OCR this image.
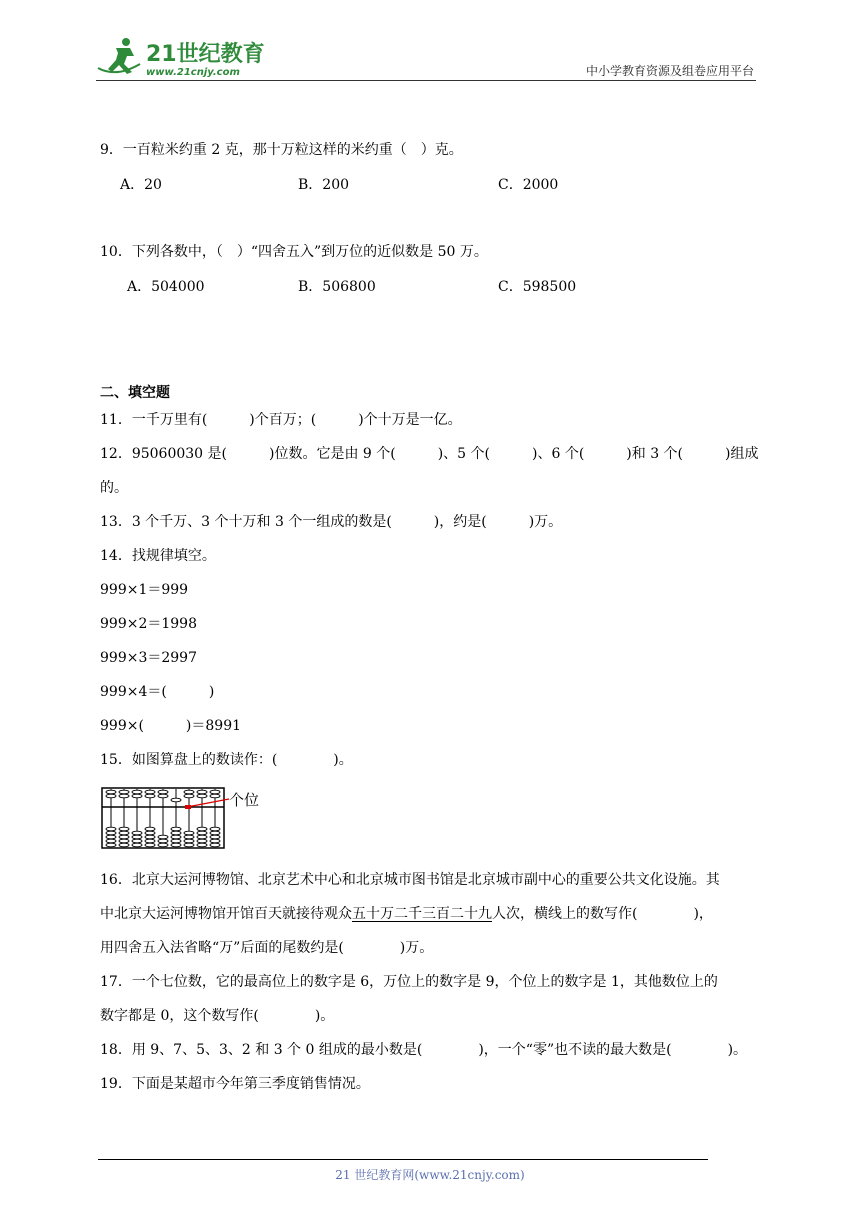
21世纪教育
www.21cnjy.com	中小学教育资源及组卷应用平台
9．一百粒米约重 2 克，那十万粒这样的米约重（　）克。
A．20	B．200	C．2000
10．下列各数中，（　）“四舍五入”到万位的近似数是 50 万。
A．504000	B．506800	C．598500
二、填空题
11．一千万里有(　　　)个百万；(　　　)个十万是一亿。
12．95060030 是(　　　)位数。它是由 9 个(　　　)、5 个(　　　)、6 个(　　　)和 3 个(　　　)组成
的。
13．3 个千万、3 个十万和 3 个一组成的数是(　　　)，约是(　　　)万。
14．找规律填空。
999×1＝999
999×2＝1998
999×3＝2997
999×4＝(　　　)
999×(　　　)＝8991
15．如图算盘上的数读作：(　　　　)。
个位
16．北京大运河博物馆、北京艺术中心和北京城市图书馆是北京城市副中心的重要公共文化设施。其
中北京大运河博物馆开馆百天就接待观众五十万二千三百二十九人次，横线上的数写作(　　　　)，
用四舍五入法省略“万”后面的尾数约是(　　　　)万。
17．一个七位数，它的最高位上的数字是 6，万位上的数字是 9，个位上的数字是 1，其他数位上的
数字都是 0，这个数写作(　　　　)。
18．用 9、7、5、3、2 和 3 个 0 组成的最小数是(　　　　)，一个“零”也不读的最大数是(　　　　)。
19．下面是某超市今年第三季度销售情况。
21 世纪教育网(www.21cnjy.com)
